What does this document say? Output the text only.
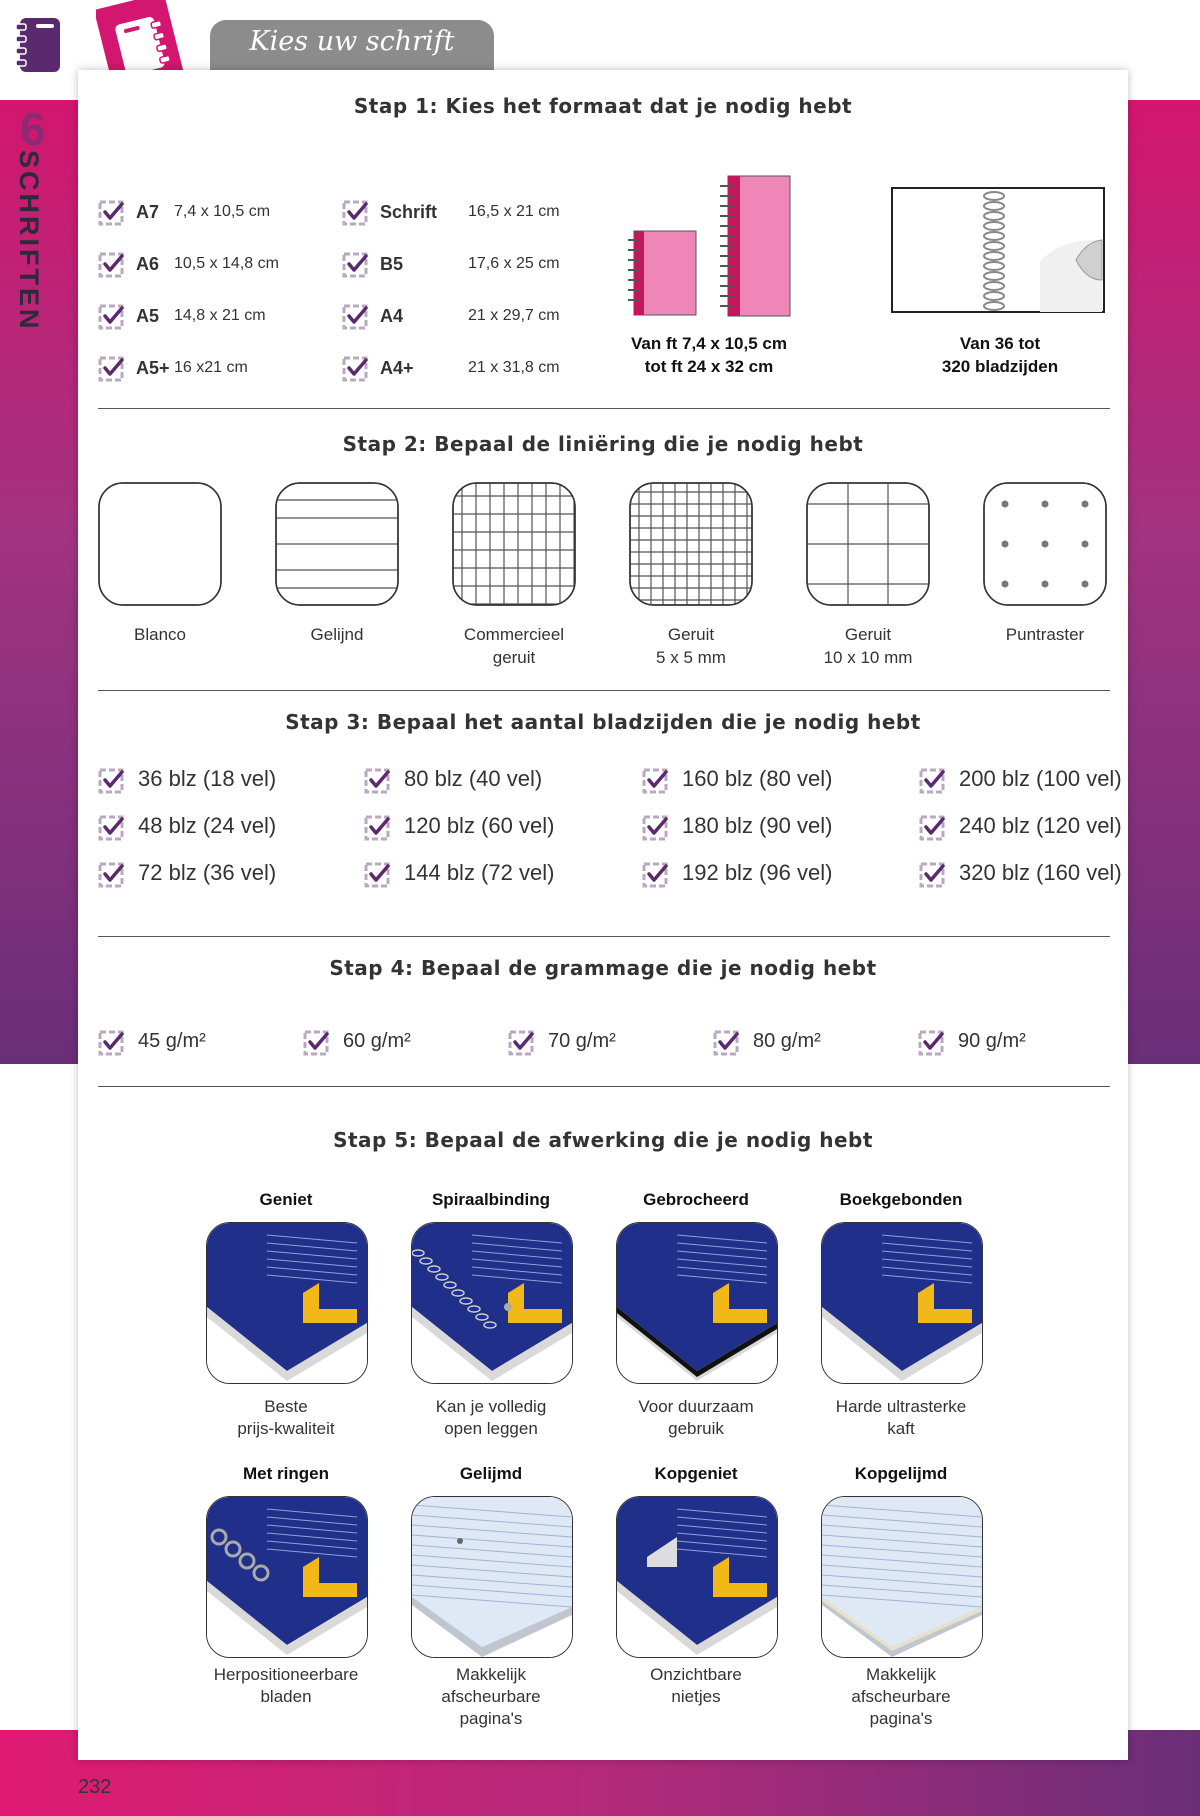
Kies uw schrift
6
SCHRIFTEN
232
Stap 1: Kies het formaat dat je nodig hebt
A7 7,4 x 10,5 cm
A6 10,5 x 14,8 cm
A5 14,8 x 21 cm
A5+ 16 x21 cm
Schrift 16,5 x 21 cm
B5	17,6 x 25 cm
A4	21 x 29,7 cm
A4+	21 x 31,8 cm
Van ft 7,4 x 10,5 cm
tot ft 24 x 32 cm
Van 36 tot
320 bladzijden
Stap 2: Bepaal de liniëring die je nodig hebt
Blanco	Gelijnd	Commercieel
geruit
Geruit
5 x 5 mm
Geruit
10 x 10 mm
Puntraster
Stap 3: Bepaal het aantal bladzijden die je nodig hebt
36 blz (18 vel)
48 blz (24 vel)
72 blz (36 vel)
80 blz (40 vel)
120 blz (60 vel)
144 blz (72 vel)
160 blz (80 vel)
180 blz (90 vel)
192 blz (96 vel)
200 blz (100 vel)
240 blz (120 vel)
320 blz (160 vel)
Stap 4: Bepaal de grammage die je nodig hebt
45 g/m²	60 g/m²	70 g/m²	80 g/m²	90 g/m²
Stap 5: Bepaal de afwerking die je nodig hebt
Geniet
Beste
prijs-kwaliteit
Spiraalbinding
Kan je volledig
open leggen
Gebrocheerd
Voor duurzaam
gebruik
Boekgebonden
Harde ultrasterke
kaft
Met ringen
Herpositioneerbare
bladen
Gelijmd
Makkelijk
afscheurbare
pagina's
Kopgeniet
Onzichtbare
nietjes
Kopgelijmd
Makkelijk
afscheurbare
pagina's
